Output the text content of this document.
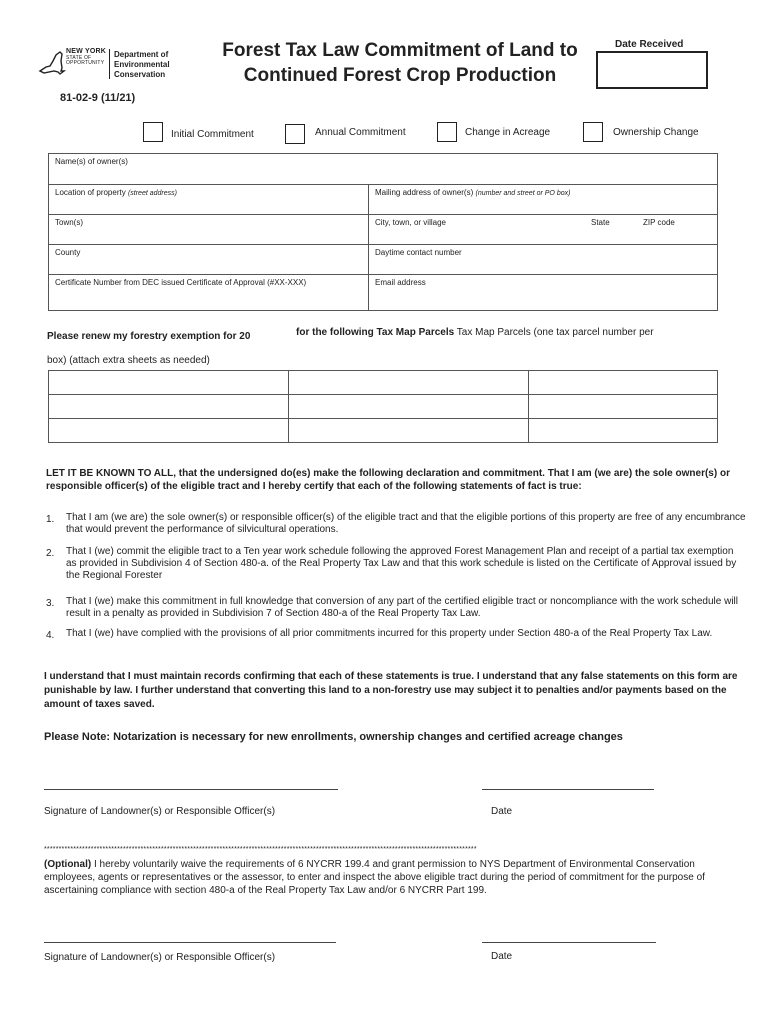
NEW YORK
STATE OF
OPPORTUNITY
Department of
Environmental
Conservation
Forest Tax Law Commitment of Land to
Continued Forest Crop Production
Date Received
81-02-9 (11/21)
Initial Commitment	Annual Commitment	Change in Acreage	Ownership Change
Name(s) of owner(s)	
Location of property (street address)	Mailing address of owner(s) (number and street or PO box)
Town(s)	City, town, or village State ZIP code

County	Daytime contact number
Certificate Number from DEC issued Certificate of Approval (#XX-XXX)	Email address
Please renew my forestry exemption for 20	for the following Tax Map Parcels Tax Map Parcels (one tax parcel number per
box) (attach extra sheets as needed)

LET IT BE KNOWN TO ALL, that the undersigned do(es) make the following declaration and commitment. That I am (we are) the sole owner(s) or responsible officer(s) of the eligible tract and I hereby certify that each of the following statements of fact is true:
1. That I am (we are) the sole owner(s) or responsible officer(s) of the eligible tract and that the eligible portions of this property are free of any encumbrance that would prevent the performance of silvicultural operations.
2. That I (we) commit the eligible tract to a Ten year work schedule following the approved Forest Management Plan and receipt of a partial tax exemption as provided in Subdivision 4 of Section 480-a. of the Real Property Tax Law and that this work schedule is listed on the Certificate of Approval issued by the Regional Forester
3. That I (we) make this commitment in full knowledge that conversion of any part of the certified eligible tract or noncompliance with the work schedule will result in a penalty as provided in Subdivision 7 of Section 480-a of the Real Property Tax Law.
4. That I (we) have complied with the provisions of all prior commitments incurred for this property under Section 480-a of the Real Property Tax Law.
I understand that I must maintain records confirming that each of these statements is true. I understand that any false statements on this form are punishable by law. I further understand that converting this land to a non-forestry use may subject it to penalties and/or payments based on the amount of taxes saved.
Please Note: Notarization is necessary for new enrollments, ownership changes and certified acreage changes
Signature of Landowner(s) or Responsible Officer(s)	Date
****************************************************************************************************************************************************
(Optional) I hereby voluntarily waive the requirements of 6 NYCRR 199.4 and grant permission to NYS Department of Environmental Conservation employees, agents or representatives or the assessor, to enter and inspect the above eligible tract during the period of commitment for the purpose of ascertaining compliance with section 480-a of the Real Property Tax Law and/or 6 NYCRR Part 199.
Signature of Landowner(s) or Responsible Officer(s)	Date
